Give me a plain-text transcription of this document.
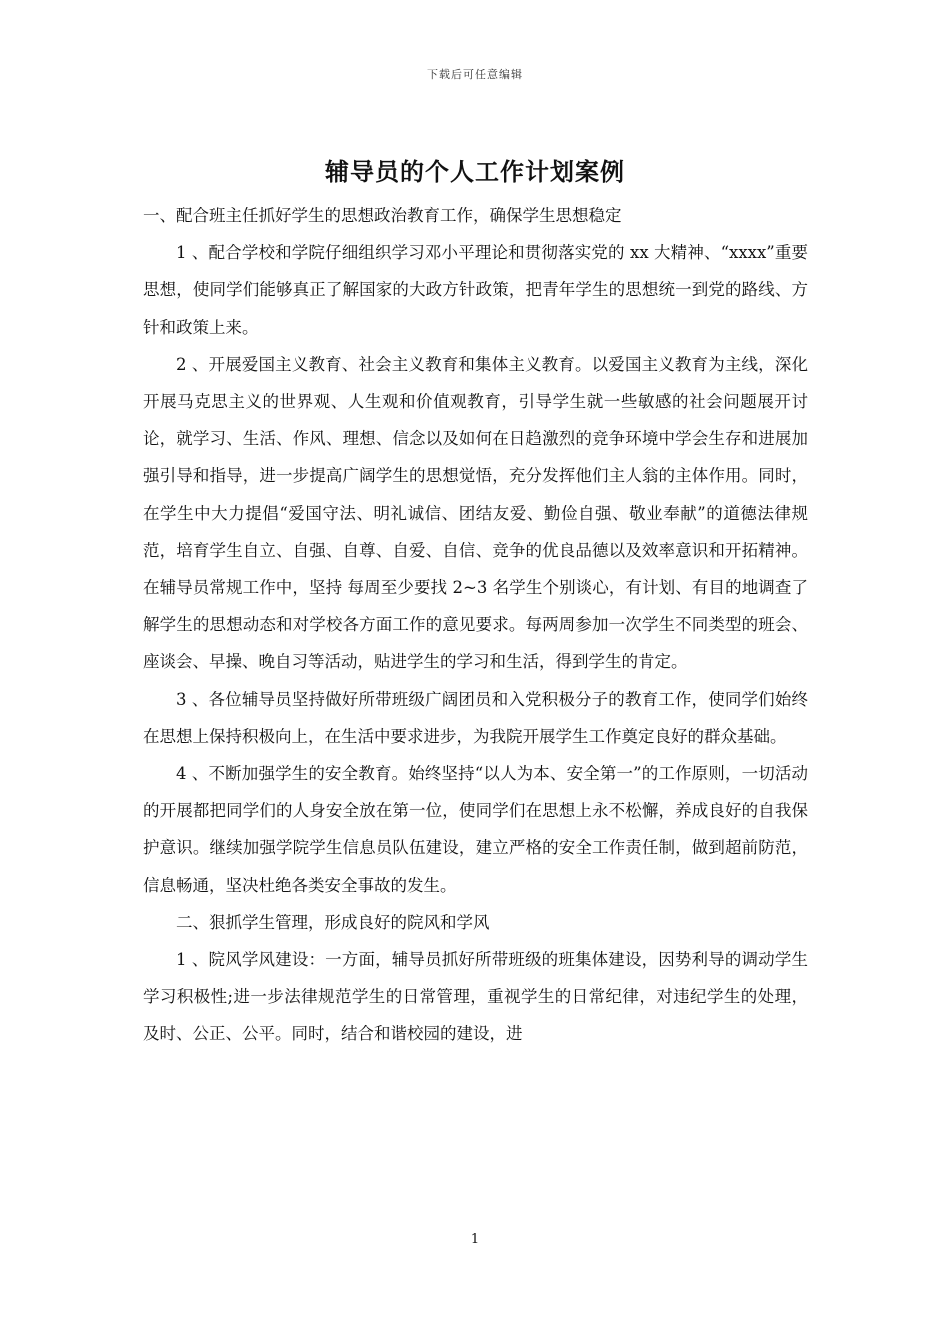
下载后可任意编辑
辅导员的个人工作计划案例

一、配合班主任抓好学生的思想政治教育工作，确保学生思想稳定

1 、配合学校和学院仔细组织学习邓小平理论和贯彻落实党的 xx 大精神、“xxxx”重要思想，使同学们能够真正了解国家的大政方针政策，把青年学生的思想统一到党的路线、方针和政策上来。

2 、开展爱国主义教育、社会主义教育和集体主义教育。以爱国主义教育为主线，深化开展马克思主义的世界观、人生观和价值观教育，引导学生就一些敏感的社会问题展开讨论，就学习、生活、作风、理想、信念以及如何在日趋激烈的竞争环境中学会生存和进展加强引导和指导，进一步提高广阔学生的思想觉悟，充分发挥他们主人翁的主体作用。同时，在学生中大力提倡“爱国守法、明礼诚信、团结友爱、勤俭自强、敬业奉献”的道德法律规范，培育学生自立、自强、自尊、自爱、自信、竞争的优良品德以及效率意识和开拓精神。在辅导员常规工作中，坚持 每周至少要找 2~3 名学生个别谈心，有计划、有目的地调查了解学生的思想动态和对学校各方面工作的意见要求。每两周参加一次学生不同类型的班会、座谈会、早操、晚自习等活动，贴进学生的学习和生活，得到学生的肯定。

3 、各位辅导员坚持做好所带班级广阔团员和入党积极分子的教育工作，使同学们始终在思想上保持积极向上，在生活中要求进步，为我院开展学生工作奠定良好的群众基础。

4 、不断加强学生的安全教育。始终坚持“以人为本、安全第一”的工作原则，一切活动的开展都把同学们的人身安全放在第一位，使同学们在思想上永不松懈，养成良好的自我保护意识。继续加强学院学生信息员队伍建设，建立严格的安全工作责任制，做到超前防范，信息畅通，坚决杜绝各类安全事故的发生。

二、狠抓学生管理，形成良好的院风和学风

1 、院风学风建设：一方面，辅导员抓好所带班级的班集体建设，因势利导的调动学生学习积极性;进一步法律规范学生的日常管理，重视学生的日常纪律，对违纪学生的处理，及时、公正、公平。同时，结合和谐校园的建设，进

1
